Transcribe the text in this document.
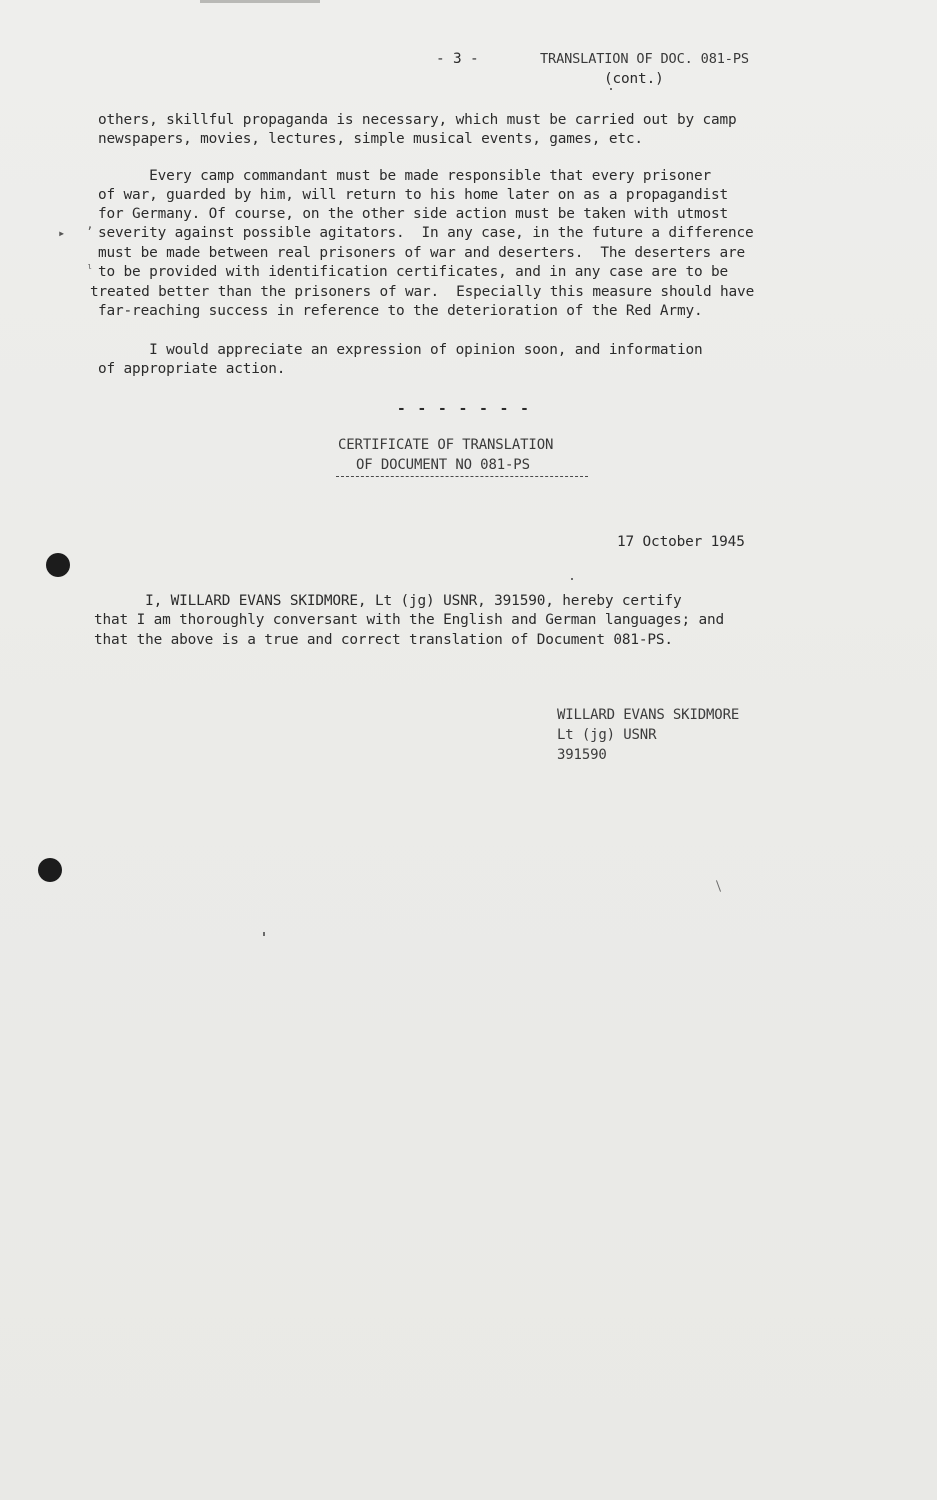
- 3 -	TRANSLATION OF DOC. 081-PS
(cont.)
others, skillful propaganda is necessary, which must be carried out by camp
newspapers, movies, lectures, simple musical events, games, etc.
Every camp commandant must be made responsible that every prisoner
of war, guarded by him, will return to his home later on as a propagandist
for Germany. Of course, on the other side action must be taken with utmost
severity against possible agitators.  In any case, in the future a difference
must be made between real prisoners of war and deserters.  The deserters are
to be provided with identification certificates, and in any case are to be
treated better than the prisoners of war.  Especially this measure should have
far-reaching success in reference to the deterioration of the Red Army.
▸ ʼ
ˡ
I would appreciate an expression of opinion soon, and information
of appropriate action.
- - - - - - -
CERTIFICATE OF TRANSLATION
OF DOCUMENT NO 081-PS
17 October 1945
I, WILLARD EVANS SKIDMORE, Lt (jg) USNR, 391590, hereby certify
that I am thoroughly conversant with the English and German languages; and
that the above is a true and correct translation of Document 081-PS.
WILLARD EVANS SKIDMORE
Lt (jg) USNR
391590
